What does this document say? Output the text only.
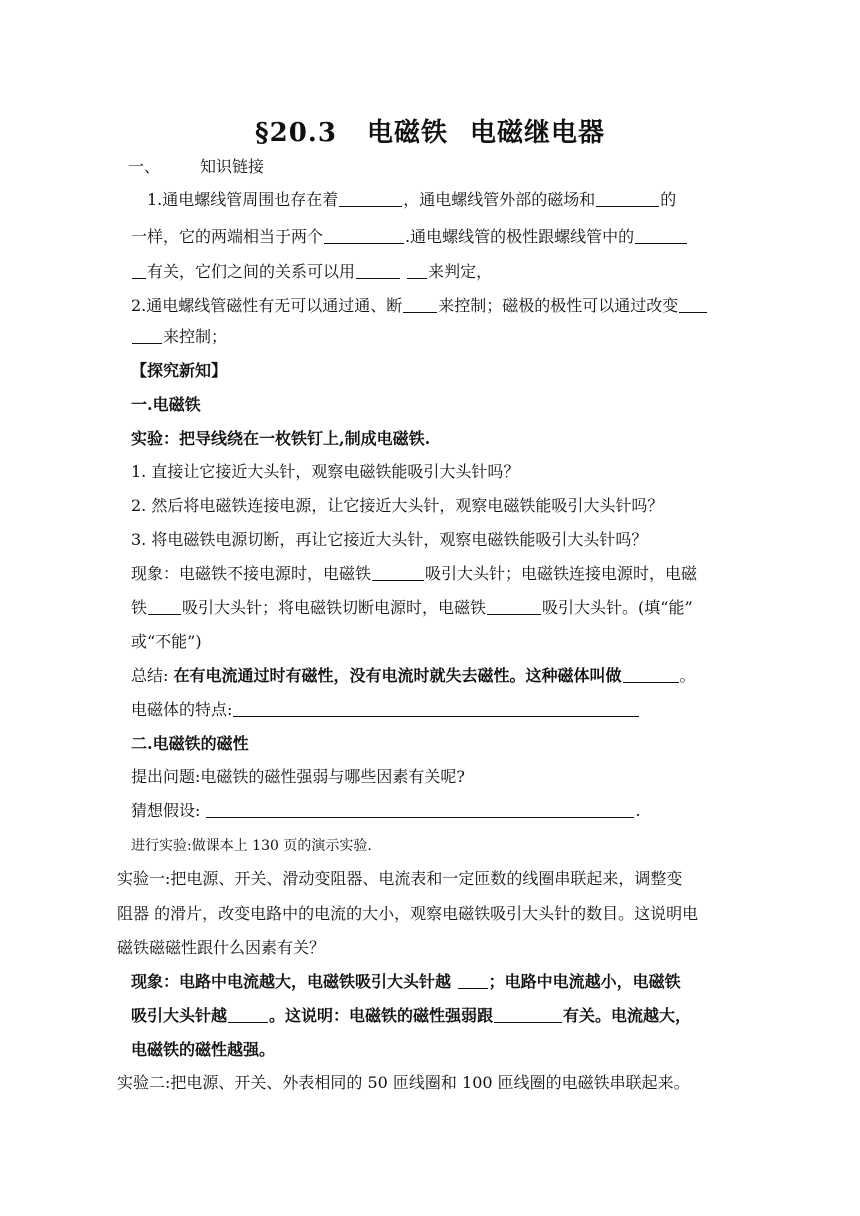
§20.3 电磁铁 电磁继电器
一、	知识链接
1.通电螺线管周围也存在着	，通电螺线管外部的磁场和	的
一样，它的两端相当于两个	.通电螺线管的极性跟螺线管中的
有关，它们之间的关系可以用	来判定，
2.通电螺线管磁性有无可以通过通、断 来控制；磁极的极性可以通过改变
来控制；
【探究新知】
一.电磁铁
实验：把导线绕在一枚铁钉上,制成电磁铁.
1. 直接让它接近大头针，观察电磁铁能吸引大头针吗？
2. 然后将电磁铁连接电源，让它接近大头针，观察电磁铁能吸引大头针吗？
3. 将电磁铁电源切断，再让它接近大头针，观察电磁铁能吸引大头针吗？
现象：电磁铁不接电源时，电磁铁	吸引大头针；电磁铁连接电源时，电磁
铁 吸引大头针；将电磁铁切断电源时，电磁铁	吸引大头针。(填“能”
或“不能”)
总结: 在有电流通过时有磁性，没有电流时就失去磁性。这种磁体叫做	。
电磁体的特点:
二.电磁铁的磁性
提出问题:电磁铁的磁性强弱与哪些因素有关呢?
猜想假设:	.
进行实验:做课本上 130 页的演示实验.
实验一:把电源、开关、滑动变阻器、电流表和一定匝数的线圈串联起来，调整变
阻器 的滑片，改变电路中的电流的大小，观察电磁铁吸引大头针的数目。这说明电
磁铁磁磁性跟什么因素有关？
现象：电路中电流越大，电磁铁吸引大头针越 ；电路中电流越小，电磁铁
吸引大头针越	。这说明：电磁铁的磁性强弱跟	有关。电流越大，
电磁铁的磁性越强。
实验二:把电源、开关、外表相同的 50 匝线圈和 100 匝线圈的电磁铁串联起来。
